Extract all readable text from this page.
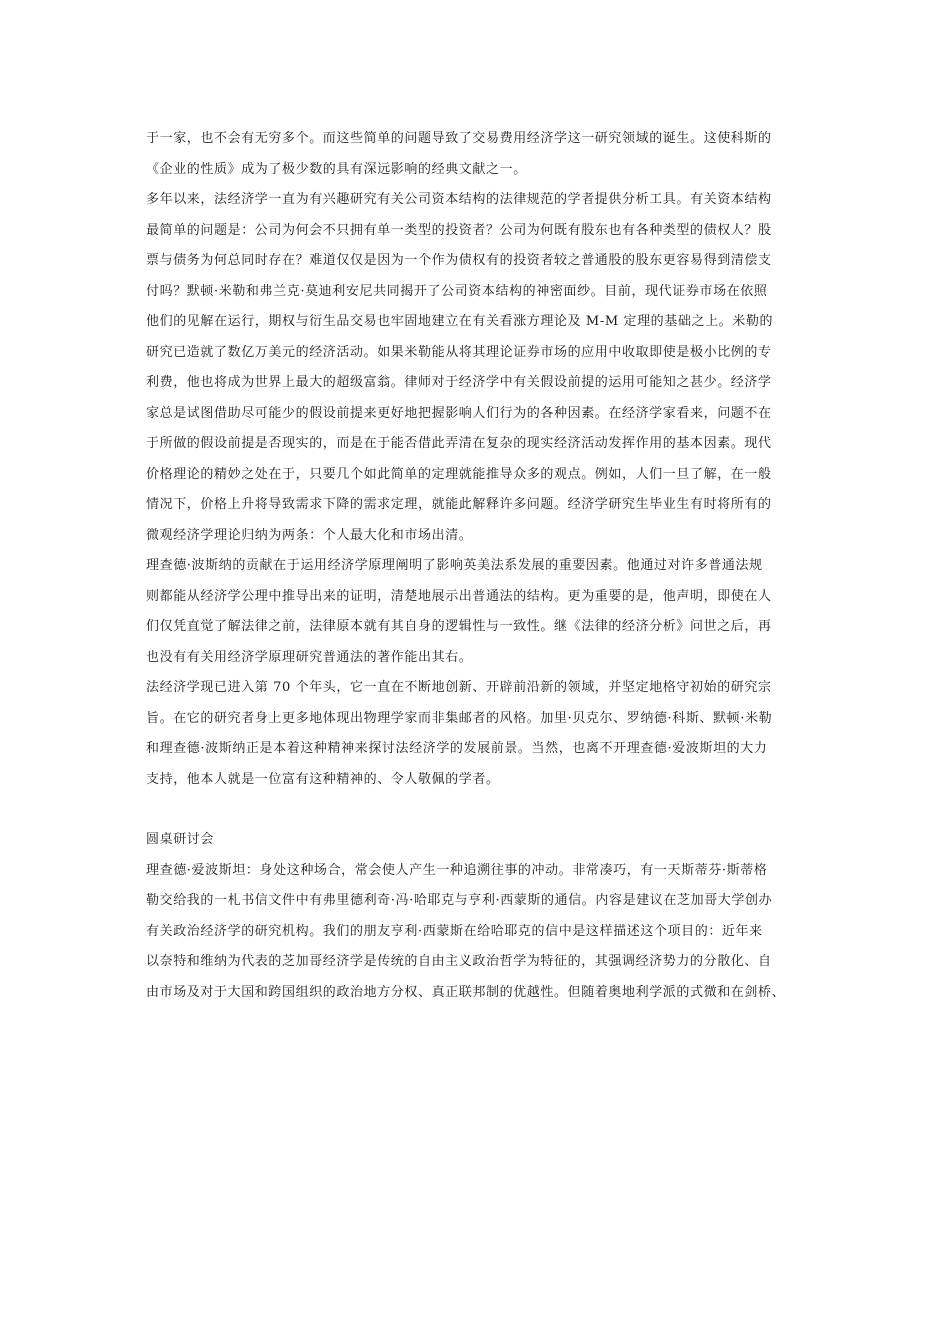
于一家，也不会有无穷多个。而这些简单的问题导致了交易费用经济学这一研究领域的诞生。这使科斯的
《企业的性质》成为了极少数的具有深远影响的经典文献之一。
多年以来，法经济学一直为有兴趣研究有关公司资本结构的法律规范的学者提供分析工具。有关资本结构
最简单的问题是：公司为何会不只拥有单一类型的投资者？公司为何既有股东也有各种类型的债权人？股
票与债务为何总同时存在？难道仅仅是因为一个作为债权有的投资者较之普通股的股东更容易得到清偿支
付吗？默顿·米勒和弗兰克·莫迪利安尼共同揭开了公司资本结构的神密面纱。目前，现代证券市场在依照
他们的见解在运行，期权与衍生品交易也牢固地建立在有关看涨方理论及 M-M 定理的基础之上。米勒的
研究已造就了数亿万美元的经济活动。如果米勒能从将其理论证券市场的应用中收取即使是极小比例的专
利费，他也将成为世界上最大的超级富翁。律师对于经济学中有关假设前提的运用可能知之甚少。经济学
家总是试图借助尽可能少的假设前提来更好地把握影响人们行为的各种因素。在经济学家看来，问题不在
于所做的假设前提是否现实的，而是在于能否借此弄清在复杂的现实经济活动发挥作用的基本因素。现代
价格理论的精妙之处在于，只要几个如此简单的定理就能推导众多的观点。例如，人们一旦了解，在一般
情况下，价格上升将导致需求下降的需求定理，就能此解释许多问题。经济学研究生毕业生有时将所有的
微观经济学理论归纳为两条：个人最大化和市场出清。
理查德·波斯纳的贡献在于运用经济学原理阐明了影响英美法系发展的重要因素。他通过对许多普通法规
则都能从经济学公理中推导出来的证明，清楚地展示出普通法的结构。更为重要的是，他声明，即使在人
们仅凭直觉了解法律之前，法律原本就有其自身的逻辑性与一致性。继《法律的经济分析》问世之后，再
也没有有关用经济学原理研究普通法的著作能出其右。
法经济学现已进入第 70 个年头，它一直在不断地创新、开辟前沿新的领域，并坚定地格守初始的研究宗
旨。在它的研究者身上更多地体现出物理学家而非集邮者的风格。加里·贝克尔、罗纳德·科斯、默顿·米勒
和理查德·波斯纳正是本着这种精神来探讨法经济学的发展前景。当然，也离不开理查德·爱波斯坦的大力
支持，他本人就是一位富有这种精神的、令人敬佩的学者。
圆桌研讨会
理查德·爱波斯坦：身处这种场合，常会使人产生一种追溯往事的冲动。非常凑巧，有一天斯蒂芬·斯蒂格
勒交给我的一札书信文件中有弗里德利奇·冯·哈耶克与亨利·西蒙斯的通信。内容是建议在芝加哥大学创办
有关政治经济学的研究机构。我们的朋友亨利·西蒙斯在给哈耶克的信中是这样描述这个项目的：近年来
以奈特和维纳为代表的芝加哥经济学是传统的自由主义政治哲学为特征的，其强调经济势力的分散化、自
由市场及对于大国和跨国组织的政治地方分权、真正联邦制的优越性。但随着奥地利学派的式微和在剑桥、
